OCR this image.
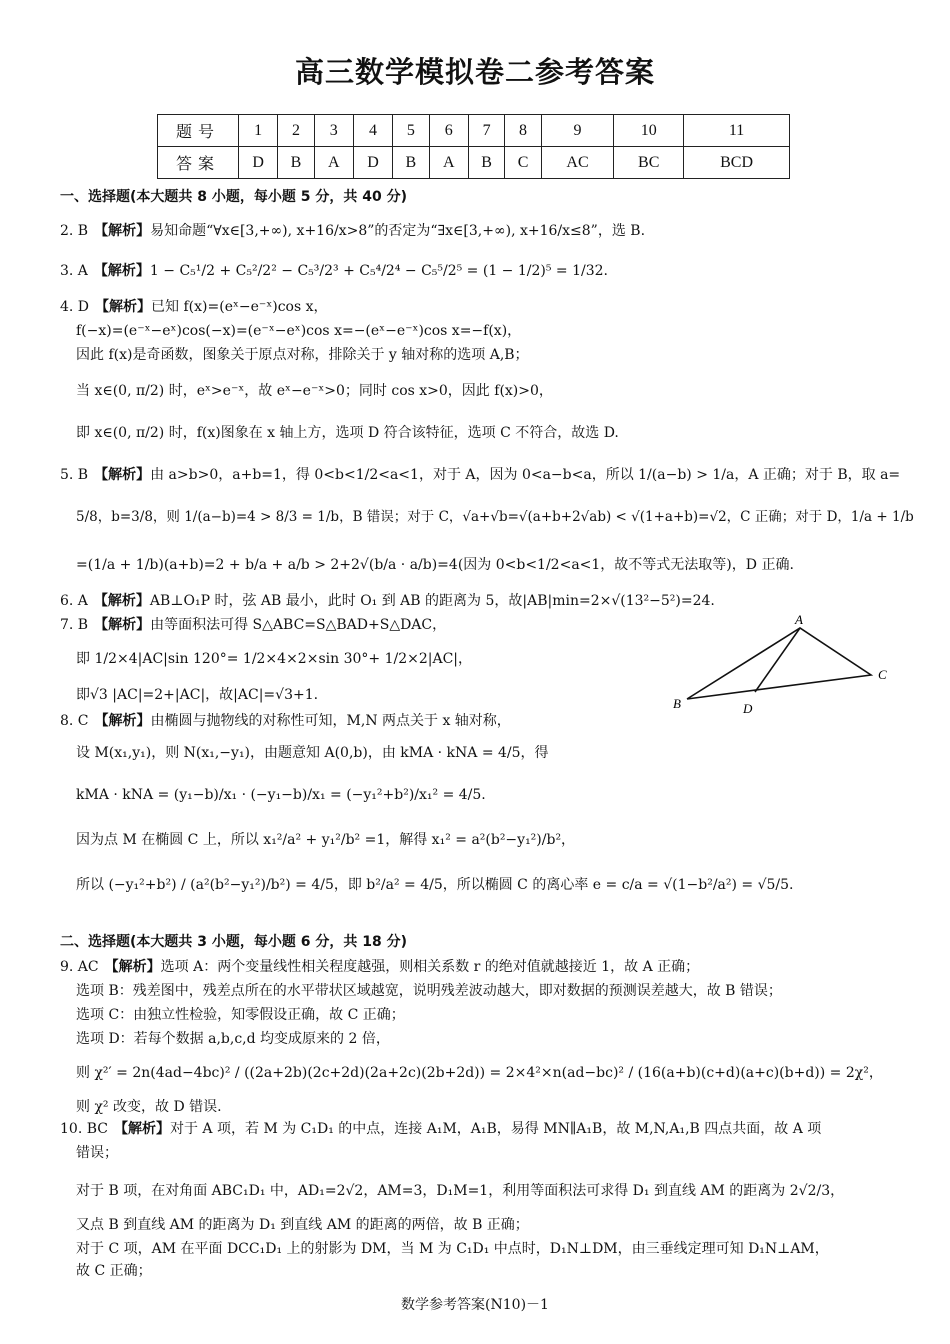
高三数学模拟卷二参考答案
题号	1	2	3	4	5	6	7	8	9	10	11
答案	D	B	A	D	B	A	B	C	AC	BC	BCD
一、选择题(本大题共 8 小题，每小题 5 分，共 40 分)
2. B 【解析】易知命题“∀x∈[3,+∞), x+16/x>8”的否定为“∃x∈[3,+∞), x+16/x≤8”，选 B.
3. A 【解析】1 − C₅¹/2 + C₅²/2² − C₅³/2³ + C₅⁴/2⁴ − C₅⁵/2⁵ = (1 − 1/2)⁵ = 1/32.
4. D 【解析】已知 f(x)=(eˣ−e⁻ˣ)cos x，
f(−x)=(e⁻ˣ−eˣ)cos(−x)=(e⁻ˣ−eˣ)cos x=−(eˣ−e⁻ˣ)cos x=−f(x)，
因此 f(x)是奇函数，图象关于原点对称，排除关于 y 轴对称的选项 A,B；
当 x∈(0, π/2) 时，eˣ>e⁻ˣ，故 eˣ−e⁻ˣ>0；同时 cos x>0，因此 f(x)>0，
即 x∈(0, π/2) 时，f(x)图象在 x 轴上方，选项 D 符合该特征，选项 C 不符合，故选 D.
5. B 【解析】由 a>b>0，a+b=1，得 0<b<1/2<a<1，对于 A，因为 0<a−b<a，所以 1/(a−b) > 1/a，A 正确；对于 B，取 a=
5/8，b=3/8，则 1/(a−b)=4 > 8/3 = 1/b，B 错误；对于 C，√a+√b=√(a+b+2√ab) < √(1+a+b)=√2，C 正确；对于 D，1/a + 1/b
=(1/a + 1/b)(a+b)=2 + b/a + a/b > 2+2√(b/a · a/b)=4(因为 0<b<1/2<a<1，故不等式无法取等)，D 正确.
6. A 【解析】AB⊥O₁P 时，弦 AB 最小，此时 O₁ 到 AB 的距离为 5，故|AB|min=2×√(13²−5²)=24.
7. B 【解析】由等面积法可得 S△ABC=S△BAD+S△DAC，
即 1/2×4|AC|sin 120°= 1/2×4×2×sin 30°+ 1/2×2|AC|，
即√3 |AC|=2+|AC|，故|AC|=√3+1.
8. C 【解析】由椭圆与抛物线的对称性可知，M,N 两点关于 x 轴对称，
设 M(x₁,y₁)，则 N(x₁,−y₁)，由题意知 A(0,b)，由 kMA · kNA = 4/5，得
kMA · kNA = (y₁−b)/x₁ · (−y₁−b)/x₁ = (−y₁²+b²)/x₁² = 4/5.
因为点 M 在椭圆 C 上，所以 x₁²/a² + y₁²/b² =1，解得 x₁² = a²(b²−y₁²)/b²，
所以 (−y₁²+b²) / (a²(b²−y₁²)/b²) = 4/5，即 b²/a² = 4/5，所以椭圆 C 的离心率 e = c/a = √(1−b²/a²) = √5/5.
9. AC 【解析】选项 A：两个变量线性相关程度越强，则相关系数 r 的绝对值就越接近 1，故 A 正确；
选项 B：残差图中，残差点所在的水平带状区域越宽，说明残差波动越大，即对数据的预测误差越大，故 B 错误；
选项 C：由独立性检验，知零假设正确，故 C 正确；
选项 D：若每个数据 a,b,c,d 均变成原来的 2 倍，
则 χ²′ = 2n(4ad−4bc)² / ((2a+2b)(2c+2d)(2a+2c)(2b+2d)) = 2×4²×n(ad−bc)² / (16(a+b)(c+d)(a+c)(b+d)) = 2χ²，
则 χ² 改变，故 D 错误.
10. BC 【解析】对于 A 项，若 M 为 C₁D₁ 的中点，连接 A₁M，A₁B，易得 MN∥A₁B，故 M,N,A₁,B 四点共面，故 A 项
错误；
对于 B 项，在对角面 ABC₁D₁ 中，AD₁=2√2，AM=3，D₁M=1，利用等面积法可求得 D₁ 到直线 AM 的距离为 2√2/3，
又点 B 到直线 AM 的距离为 D₁ 到直线 AM 的距离的两倍，故 B 正确；
对于 C 项，AM 在平面 DCC₁D₁ 上的射影为 DM，当 M 为 C₁D₁ 中点时，D₁N⊥DM，由三垂线定理可知 D₁N⊥AM，
故 C 正确；
二、选择题(本大题共 3 小题，每小题 6 分，共 18 分)
A
B
C
D
数学参考答案(N10)－1
